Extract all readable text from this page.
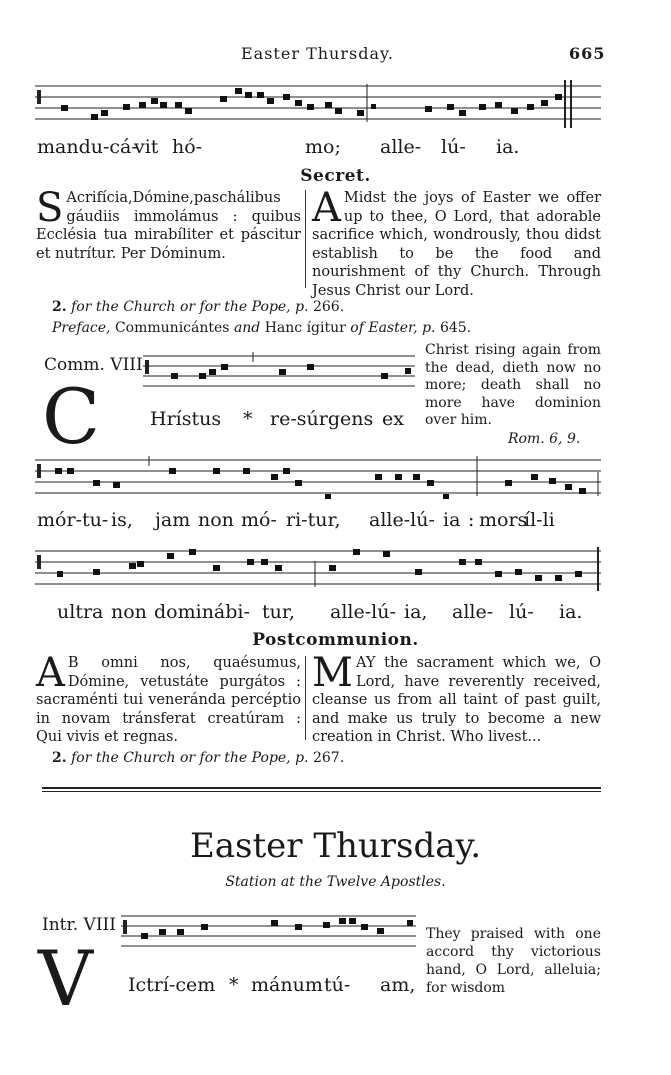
Easter Thursday.	665
mandu-cá-
vit hó-	mo; alle- lú- ia.
Secret.
S Acrifícia,Dómine,paschálibus gáudiis immolámus : quibus Ecclésia tua mirabíliter et páscitur et nutrítur. Per Dóminum.
A Midst the joys of Easter we offer up to thee, O Lord, that adorable sacrifice which, wondrously, thou didst establish to be the food and nourishment of thy Church. Through Jesus Christ our Lord.
2. for the Church or for the Pope, p. 266.
Preface, Communicántes and Hanc ígitur of Easter, p. 645.
Comm. VIII
C	Hrístus * re-súrgens ex
Christ rising again from the dead, dieth now no more; death shall no more have dominion over him.
Rom. 6, 9.
mór-tu- is, jam non mó- ri-tur, alle-lú- ia : mors
íl-li
ultra non dominábi- tur, alle-lú- ia, alle- lú- ia.
Postcommunion.
A B omni nos, quaésumus, Dómine, vetustáte purgátos : sacraménti tui veneránda percéptio in novam tránsferat creatúram : Qui vivis et regnas.
MAY the sacrament which we, O Lord, have reverently received, cleanse us from all taint of past guilt, and make us truly to become a new creation in Christ. Who livest...
2. for the Church or for the Pope, p. 267.
Easter Thursday.
Station at the Twelve Apostles.
Intr. VIII
V Ictrí-cem * mánum tú- am,
They praised with one accord thy victorious hand, O Lord, alleluia; for wisdom
